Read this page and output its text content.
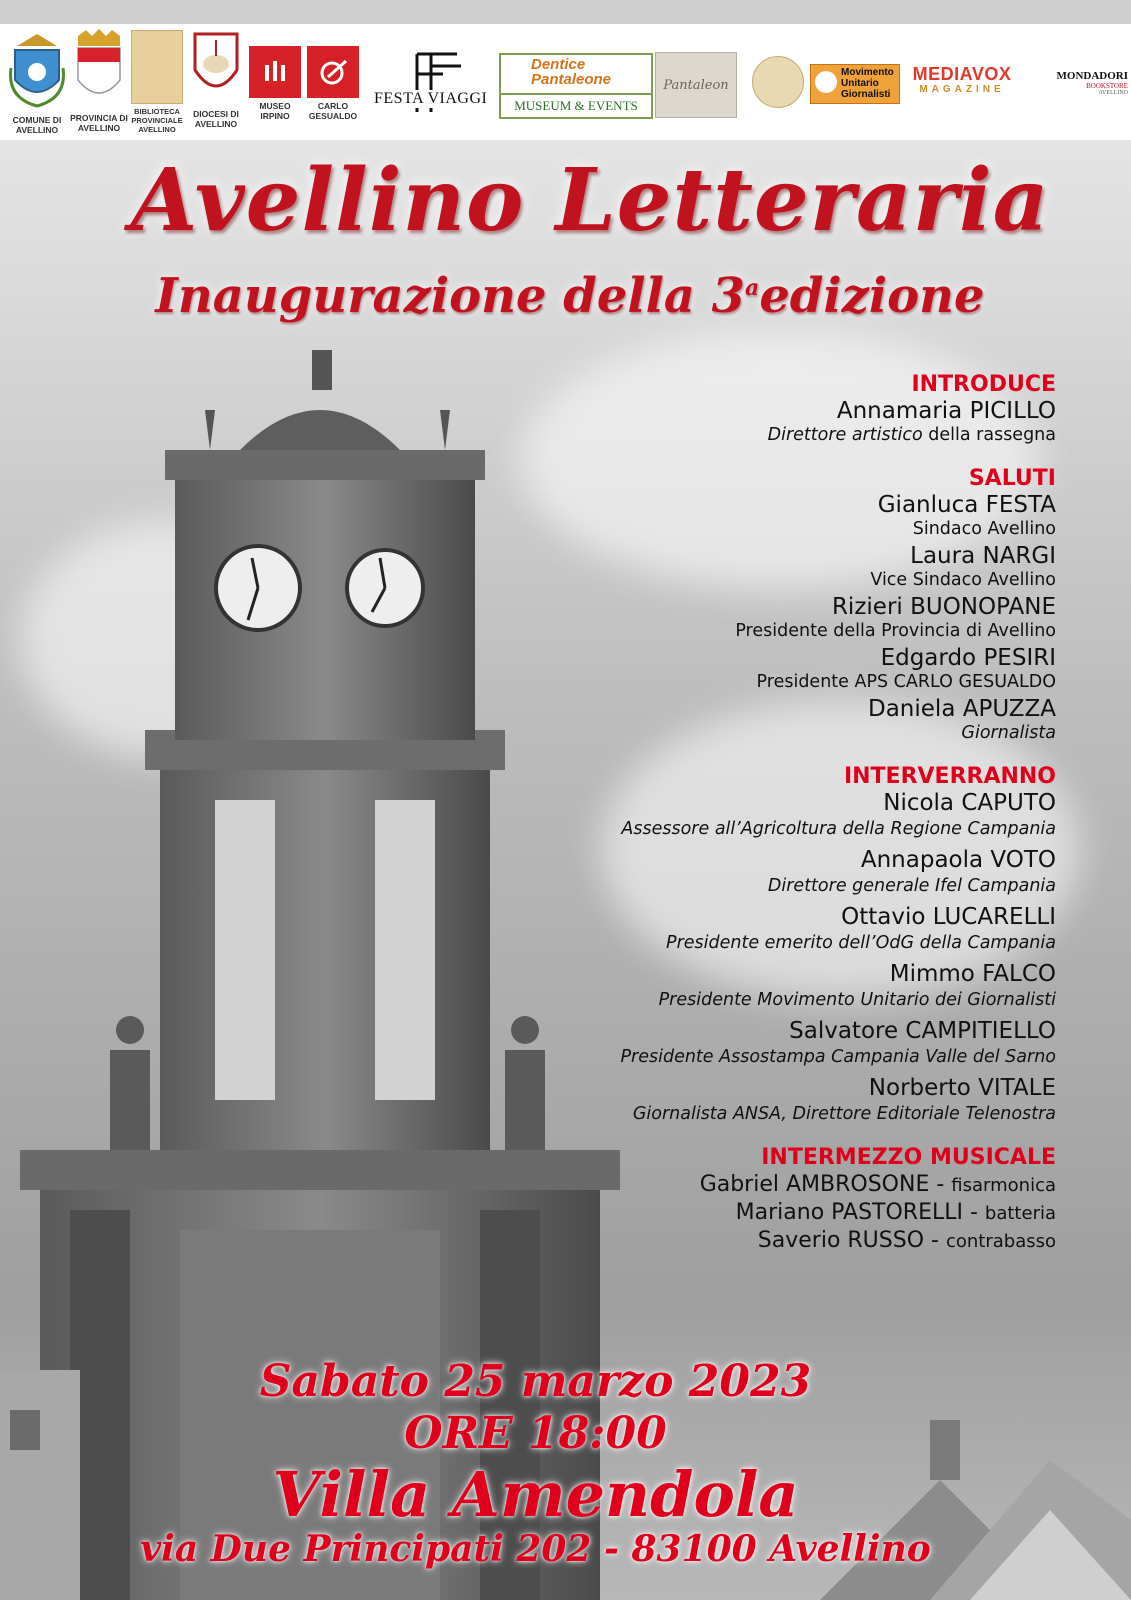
COMUNE DI AVELLINO
PROVINCIA DI AVELLINO
BIBLIOTECA PROVINCIALE AVELLINO
DIOCESI DI AVELLINO
MUSEO IRPINO
CARLO GESUALDO
FESTA VIAGGI
Dentice
Pantaleone
MUSEUM & EVENTS
Pantaleon
Movimento
Unitario
Giornalisti
MEDIAVOX
MAGAZINE
MONDADORI
BOOKSTORE
AVELLINO
Avellino Letteraria
Inaugurazione della 3$^a$edizione
INTRODUCE
Annamaria PICILLO
Direttore artistico della rassegna
SALUTI
Gianluca FESTA
Sindaco Avellino
Laura NARGI
Vice Sindaco Avellino
Rizieri BUONOPANE
Presidente della Provincia di Avellino
Edgardo PESIRI
Presidente APS CARLO GESUALDO
Daniela APUZZA
Giornalista
INTERVERRANNO
Nicola CAPUTO
Assessore all’Agricoltura della Regione Campania
Annapaola VOTO
Direttore generale Ifel Campania
Ottavio LUCARELLI
Presidente emerito dell’OdG della Campania
Mimmo FALCO
Presidente Movimento Unitario dei Giornalisti
Salvatore CAMPITIELLO
Presidente Assostampa Campania Valle del Sarno
Norberto VITALE
Giornalista ANSA, Direttore Editoriale Telenostra
INTERMEZZO MUSICALE
Gabriel AMBROSONE - fisarmonica
Mariano PASTORELLI - batteria
Saverio RUSSO - contrabasso
Sabato 25 marzo 2023
ORE 18:00
Villa Amendola
via Due Principati 202 - 83100 Avellino
